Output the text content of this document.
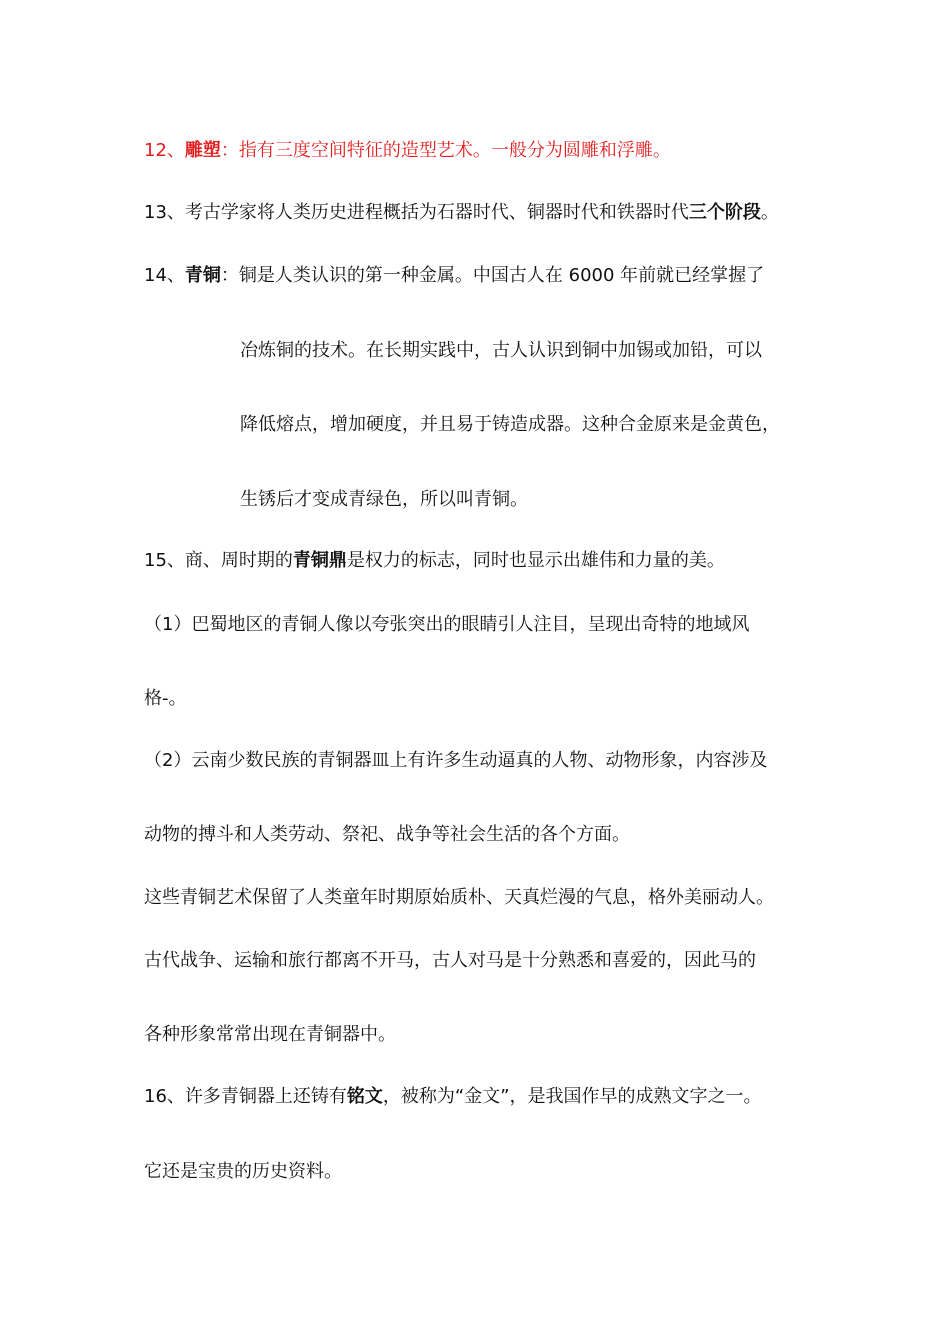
12、雕塑：指有三度空间特征的造型艺术。一般分为圆雕和浮雕。
13、考古学家将人类历史进程概括为石器时代、铜器时代和铁器时代三个阶段。
14、青铜：铜是人类认识的第一种金属。中国古人在 6000 年前就已经掌握了
冶炼铜的技术。在长期实践中，古人认识到铜中加锡或加铅，可以
降低熔点，增加硬度，并且易于铸造成器。这种合金原来是金黄色，
生锈后才变成青绿色，所以叫青铜。
15、商、周时期的青铜鼎是权力的标志，同时也显示出雄伟和力量的美。
（1）巴蜀地区的青铜人像以夸张突出的眼睛引人注目，呈现出奇特的地域风
格-。
（2）云南少数民族的青铜器皿上有许多生动逼真的人物、动物形象，内容涉及
动物的搏斗和人类劳动、祭祀、战争等社会生活的各个方面。
这些青铜艺术保留了人类童年时期原始质朴、天真烂漫的气息，格外美丽动人。
古代战争、运输和旅行都离不开马，古人对马是十分熟悉和喜爱的，因此马的
各种形象常常出现在青铜器中。
16、许多青铜器上还铸有铭文，被称为“金文”，是我国作早的成熟文字之一。
它还是宝贵的历史资料。
